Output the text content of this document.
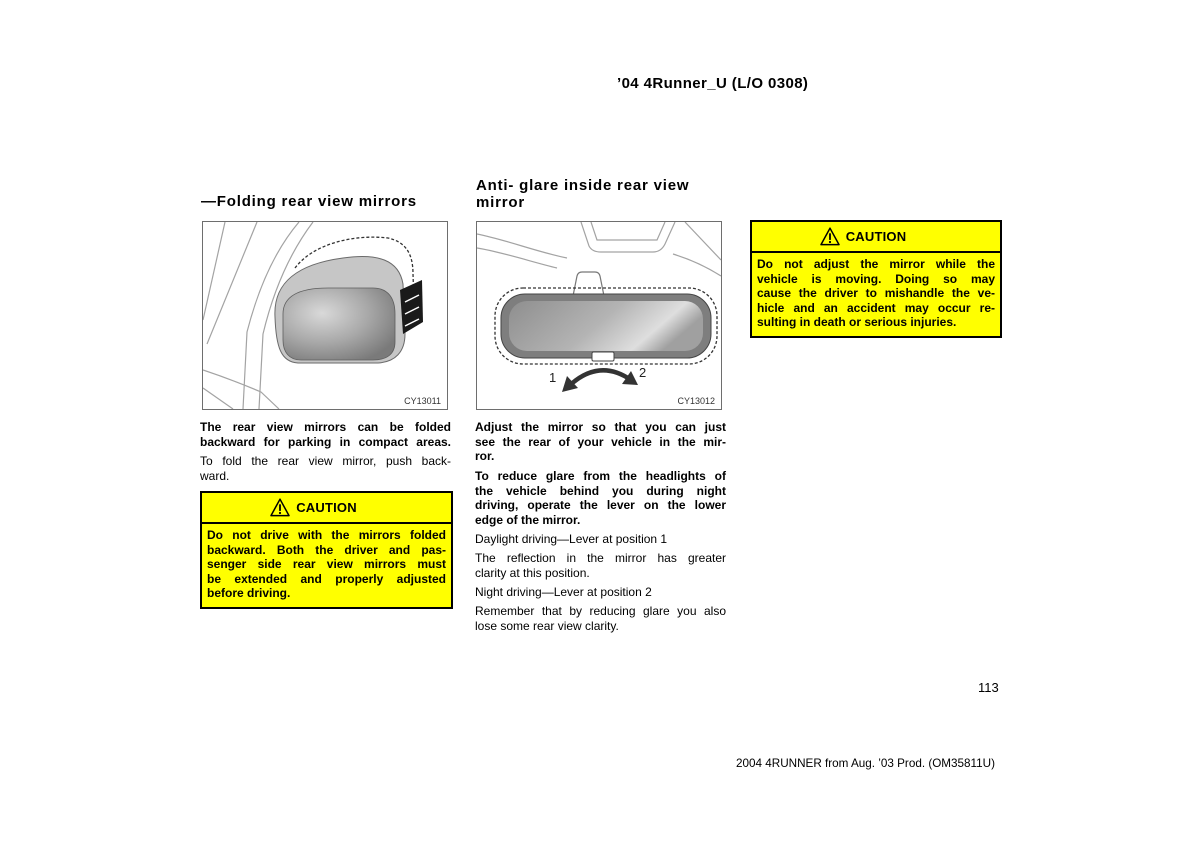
’04 4Runner_U (L/O 0308)
—Folding rear view mirrors
CY13011
The rear view mirrors can be folded
backward for parking in compact areas.
To fold the rear view mirror, push back-
ward.
CAUTION
Do not drive with the mirrors folded
backward. Both the driver and pas-
senger side rear view mirrors must
be extended and properly adjusted
before driving.
Anti- glare inside rear view
mirror
1	2
CY13012
Adjust the mirror so that you can just
see the rear of your vehicle in the mir-
ror.
To reduce glare from the headlights of
the vehicle behind you during night
driving, operate the lever on the lower
edge of the mirror.
Daylight driving—Lever at position 1
The reflection in the mirror has greater
clarity at this position.
Night driving—Lever at position 2
Remember that by reducing glare you also
lose some rear view clarity.
CAUTION
Do not adjust the mirror while the
vehicle is moving. Doing so may
cause the driver to mishandle the ve-
hicle and an accident may occur re-
sulting in death or serious injuries.
113
2004 4RUNNER from Aug. ’03 Prod. (OM35811U)
